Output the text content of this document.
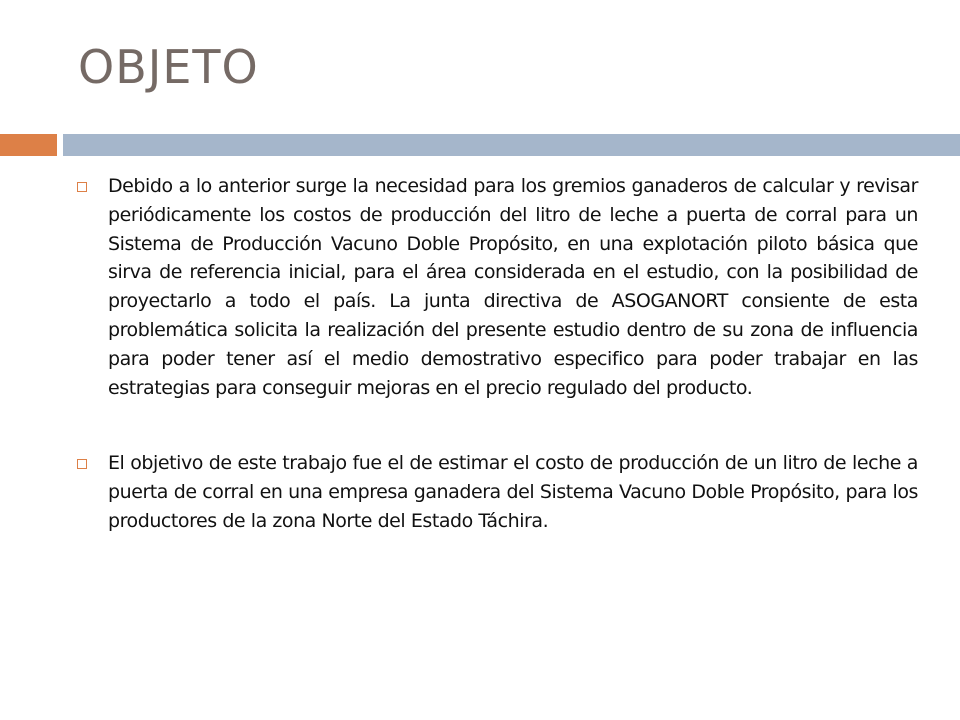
OBJETO
Debido a lo anterior surge la necesidad para los gremios ganaderos de calcular y revisar periódicamente los costos de producción del litro de leche a puerta de corral para un Sistema de Producción Vacuno Doble Propósito, en una explotación piloto básica que sirva de referencia inicial, para el área considerada en el estudio, con la posibilidad de proyectarlo a todo el país. La junta directiva de ASOGANORT consiente de esta problemática solicita la realización del presente estudio dentro de su zona de influencia para poder tener así el medio demostrativo especifico para poder trabajar en las estrategias para conseguir mejoras en el precio regulado del producto.
El objetivo de este trabajo fue el de estimar el costo de producción de un litro de leche a puerta de corral en una empresa ganadera del Sistema Vacuno Doble Propósito, para los productores de la zona Norte del Estado Táchira.
